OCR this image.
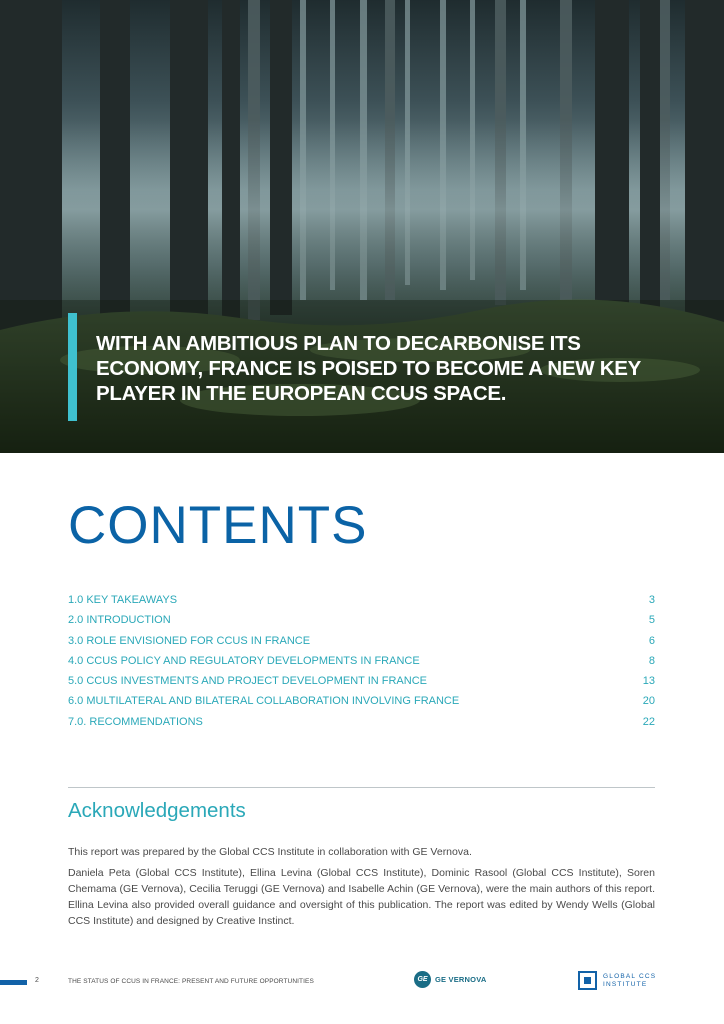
WITH AN AMBITIOUS PLAN TO DECARBONISE ITS ECONOMY, FRANCE IS POISED TO BECOME A NEW KEY PLAYER IN THE EUROPEAN CCUS SPACE.
CONTENTS
1.0 KEY TAKEAWAYS	3
2.0 INTRODUCTION	5
3.0 ROLE ENVISIONED FOR CCUS IN FRANCE	6
4.0 CCUS POLICY AND REGULATORY DEVELOPMENTS IN FRANCE	8
5.0 CCUS INVESTMENTS AND PROJECT DEVELOPMENT IN FRANCE	13
6.0 MULTILATERAL AND BILATERAL COLLABORATION INVOLVING FRANCE	20
7.0. RECOMMENDATIONS	22
Acknowledgements

This report was prepared by the Global CCS Institute in collaboration with GE Vernova.

Daniela Peta (Global CCS Institute), Ellina Levina (Global CCS Institute), Dominic Rasool (Global CCS Institute), Soren Chemama (GE Vernova), Cecilia Teruggi (GE Vernova) and Isabelle Achin (GE Vernova), were the main authors of this report. Ellina Levina also provided overall guidance and oversight of this publication. The report was edited by Wendy Wells (Global CCS Institute) and designed by Creative Instinct.

2	THE STATUS OF CCUS IN FRANCE: PRESENT AND FUTURE OPPORTUNITIES	GE GE VERNOVA	GLOBAL CCS
INSTITUTE
